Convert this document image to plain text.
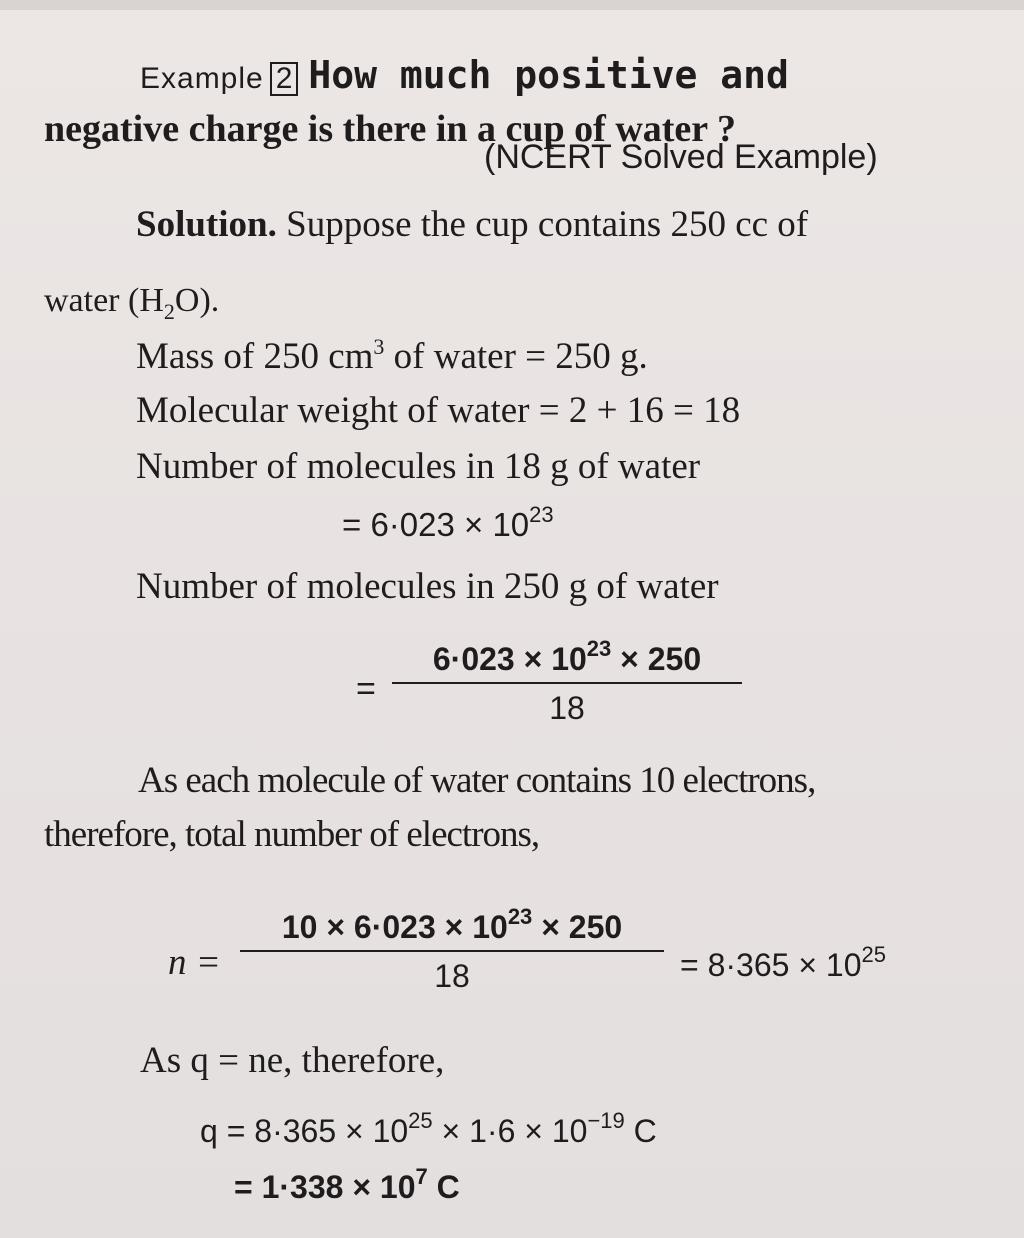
Example 2 How much positive and
negative charge is there in a cup of water ?
(NCERT Solved Example)
Solution. Suppose the cup contains 250 cc of
water $(H_2O)$.
Mass of 250 $cm^3$ of water = 250 g.
Molecular weight of water = 2 + 16 = 18
Number of molecules in 18 g of water
= $6\cdot 023 \times 10^{23}$
Number of molecules in 250 g of water
=
$6\cdot 023 \times 10^{23} \times 250$
18
As each molecule of water contains 10 electrons,
therefore, total number of electrons,
n =
$10 \times 6\cdot 023 \times 10^{23} \times 250$
18	= $8\cdot 365 \times 10^{25}$
As q = ne, therefore,
$q = 8\cdot 365 \times 10^{25} \times 1\cdot 6 \times 10^{-19}$ C
= $1\cdot 338 \times 10^7$ C
